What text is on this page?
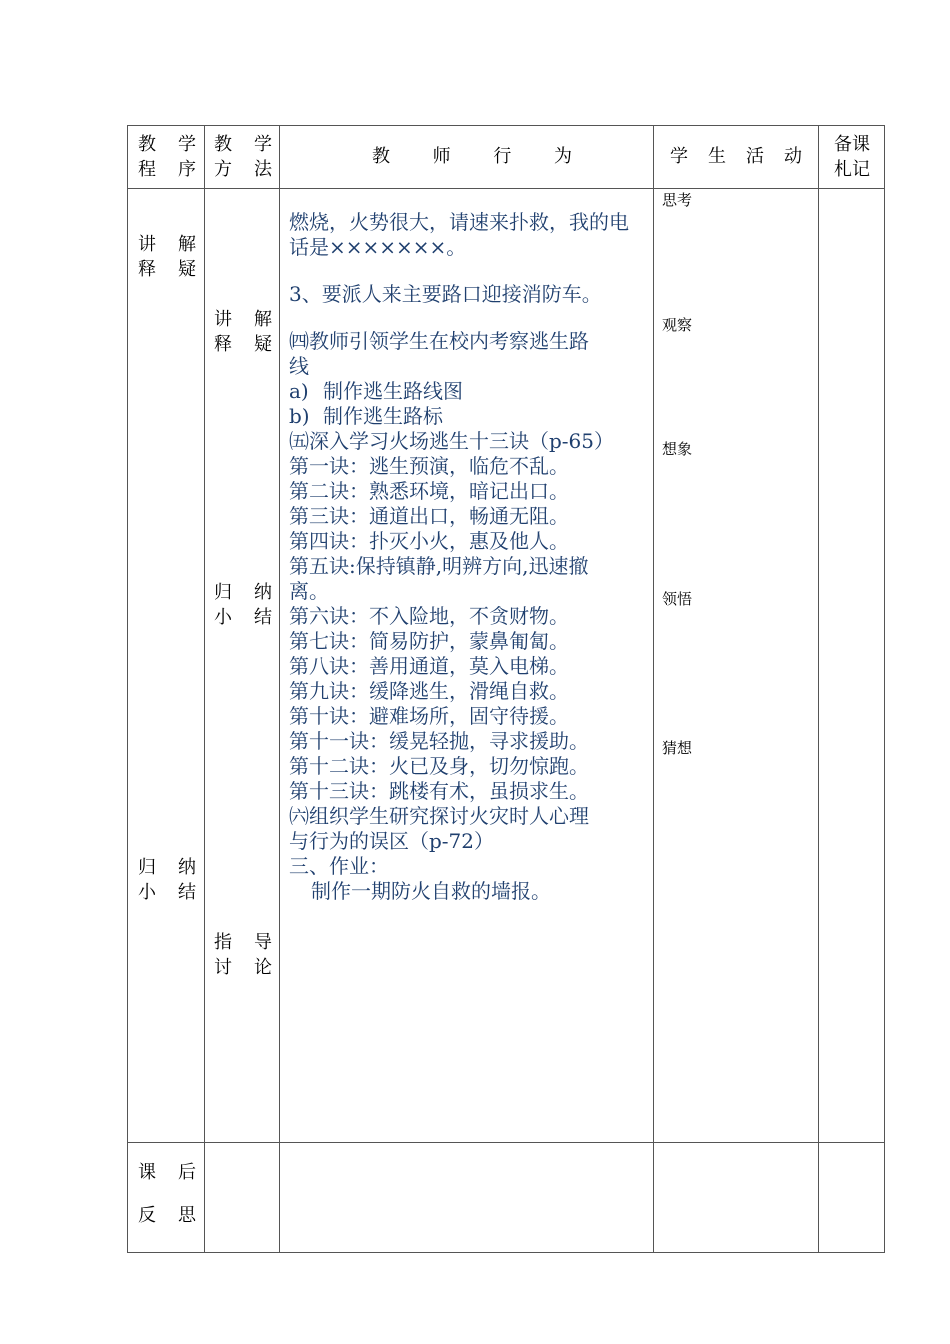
教 学
程 序
教 学
方 法
教 师 行 为	学 生 活 动
备课
札记
讲 解
释 疑
归 纳
小 结
讲 解
释 疑
归 纳
小 结
指 导
讨 论
燃烧，火势很大，请速来扑救，我的电
话是×××××××。
3、要派人来主要路口迎接消防车。
㈣教师引领学生在校内考察逃生路
线
a) 制作逃生路线图
b) 制作逃生路标
㈤深入学习火场逃生十三诀（p-65）
第一诀：逃生预演，临危不乱。
第二诀：熟悉环境，暗记出口。
第三诀：通道出口，畅通无阻。
第四诀：扑灭小火，惠及他人。
第五诀:保持镇静,明辨方向,迅速撤
离。
第六诀：不入险地，不贪财物。
第七诀：简易防护，蒙鼻匍匐。
第八诀：善用通道，莫入电梯。
第九诀：缓降逃生，滑绳自救。
第十诀：避难场所，固守待援。
第十一诀：缓晃轻抛，寻求援助。
第十二诀：火已及身，切勿惊跑。
第十三诀：跳楼有术，虽损求生。
㈥组织学生研究探讨火灾时人心理
与行为的误区（p-72）
三、作业：
制作一期防火自救的墙报。
思考
观察
想象
领悟
猜想
课 后
反 思
